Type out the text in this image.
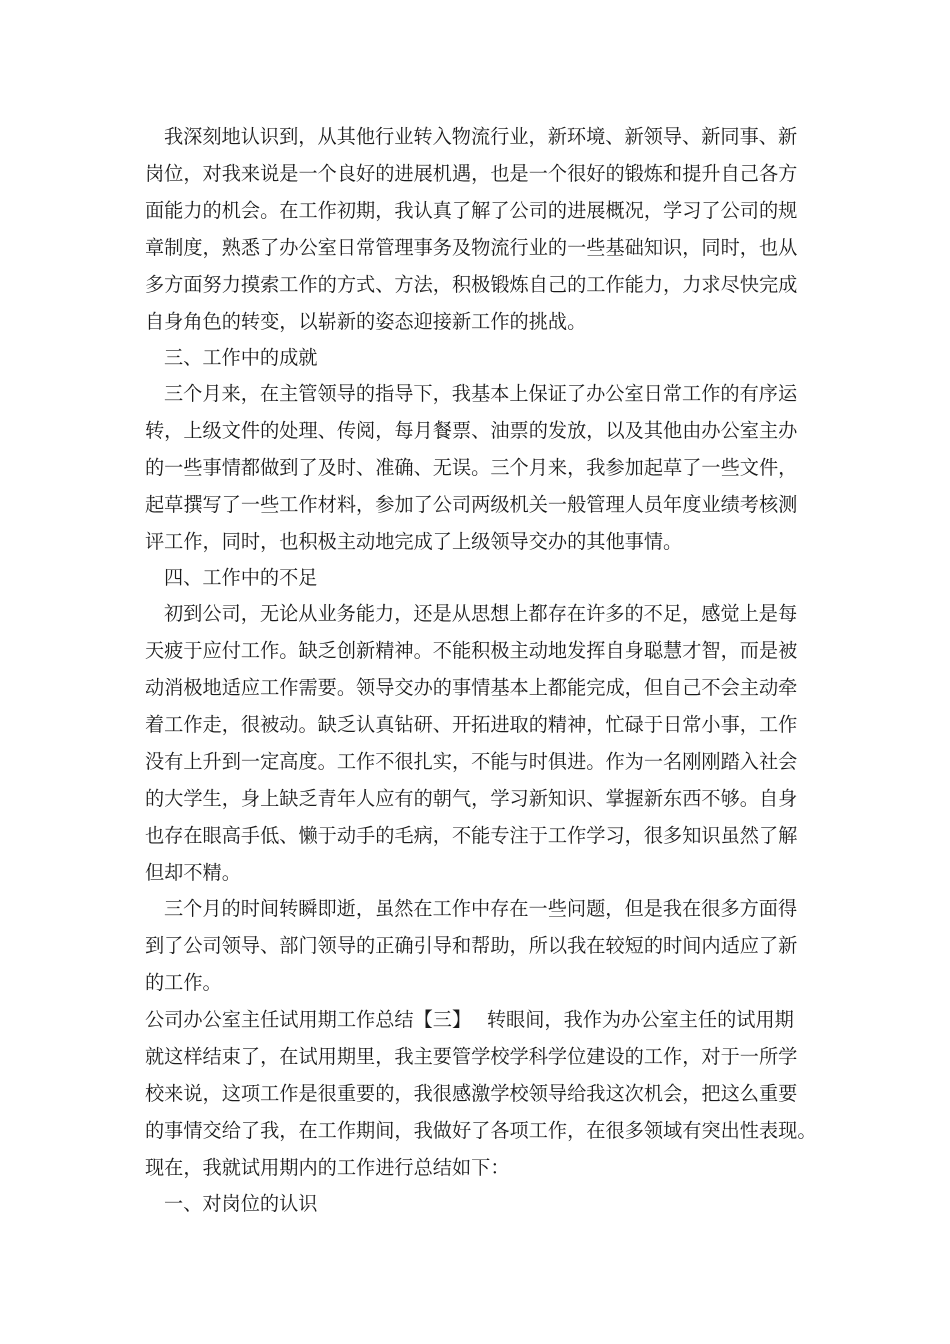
我深刻地认识到，从其他行业转入物流行业，新环境、新领导、新同事、新
岗位，对我来说是一个良好的进展机遇，也是一个很好的锻炼和提升自己各方
面能力的机会。在工作初期，我认真了解了公司的进展概况，学习了公司的规
章制度，熟悉了办公室日常管理事务及物流行业的一些基础知识，同时，也从
多方面努力摸索工作的方式、方法，积极锻炼自己的工作能力，力求尽快完成
自身角色的转变，以崭新的姿态迎接新工作的挑战。
三、工作中的成就
三个月来，在主管领导的指导下，我基本上保证了办公室日常工作的有序运
转，上级文件的处理、传阅，每月餐票、油票的发放，以及其他由办公室主办
的一些事情都做到了及时、准确、无误。三个月来，我参加起草了一些文件，
起草撰写了一些工作材料，参加了公司两级机关一般管理人员年度业绩考核测
评工作，同时，也积极主动地完成了上级领导交办的其他事情。
四、工作中的不足
初到公司，无论从业务能力，还是从思想上都存在许多的不足，感觉上是每
天疲于应付工作。缺乏创新精神。不能积极主动地发挥自身聪慧才智，而是被
动消极地适应工作需要。领导交办的事情基本上都能完成，但自己不会主动牵
着工作走，很被动。缺乏认真钻研、开拓进取的精神，忙碌于日常小事，工作
没有上升到一定高度。工作不很扎实，不能与时俱进。作为一名刚刚踏入社会
的大学生，身上缺乏青年人应有的朝气，学习新知识、掌握新东西不够。自身
也存在眼高手低、懒于动手的毛病，不能专注于工作学习，很多知识虽然了解
但却不精。
三个月的时间转瞬即逝，虽然在工作中存在一些问题，但是我在很多方面得
到了公司领导、部门领导的正确引导和帮助，所以我在较短的时间内适应了新
的工作。
公司办公室主任试用期工作总结【三】　 转眼间，我作为办公室主任的试用期
就这样结束了，在试用期里，我主要管学校学科学位建设的工作，对于一所学
校来说，这项工作是很重要的，我很感激学校领导给我这次机会，把这么重要
的事情交给了我，在工作期间，我做好了各项工作，在很多领域有突出性表现。
现在，我就试用期内的工作进行总结如下：
一、对岗位的认识
